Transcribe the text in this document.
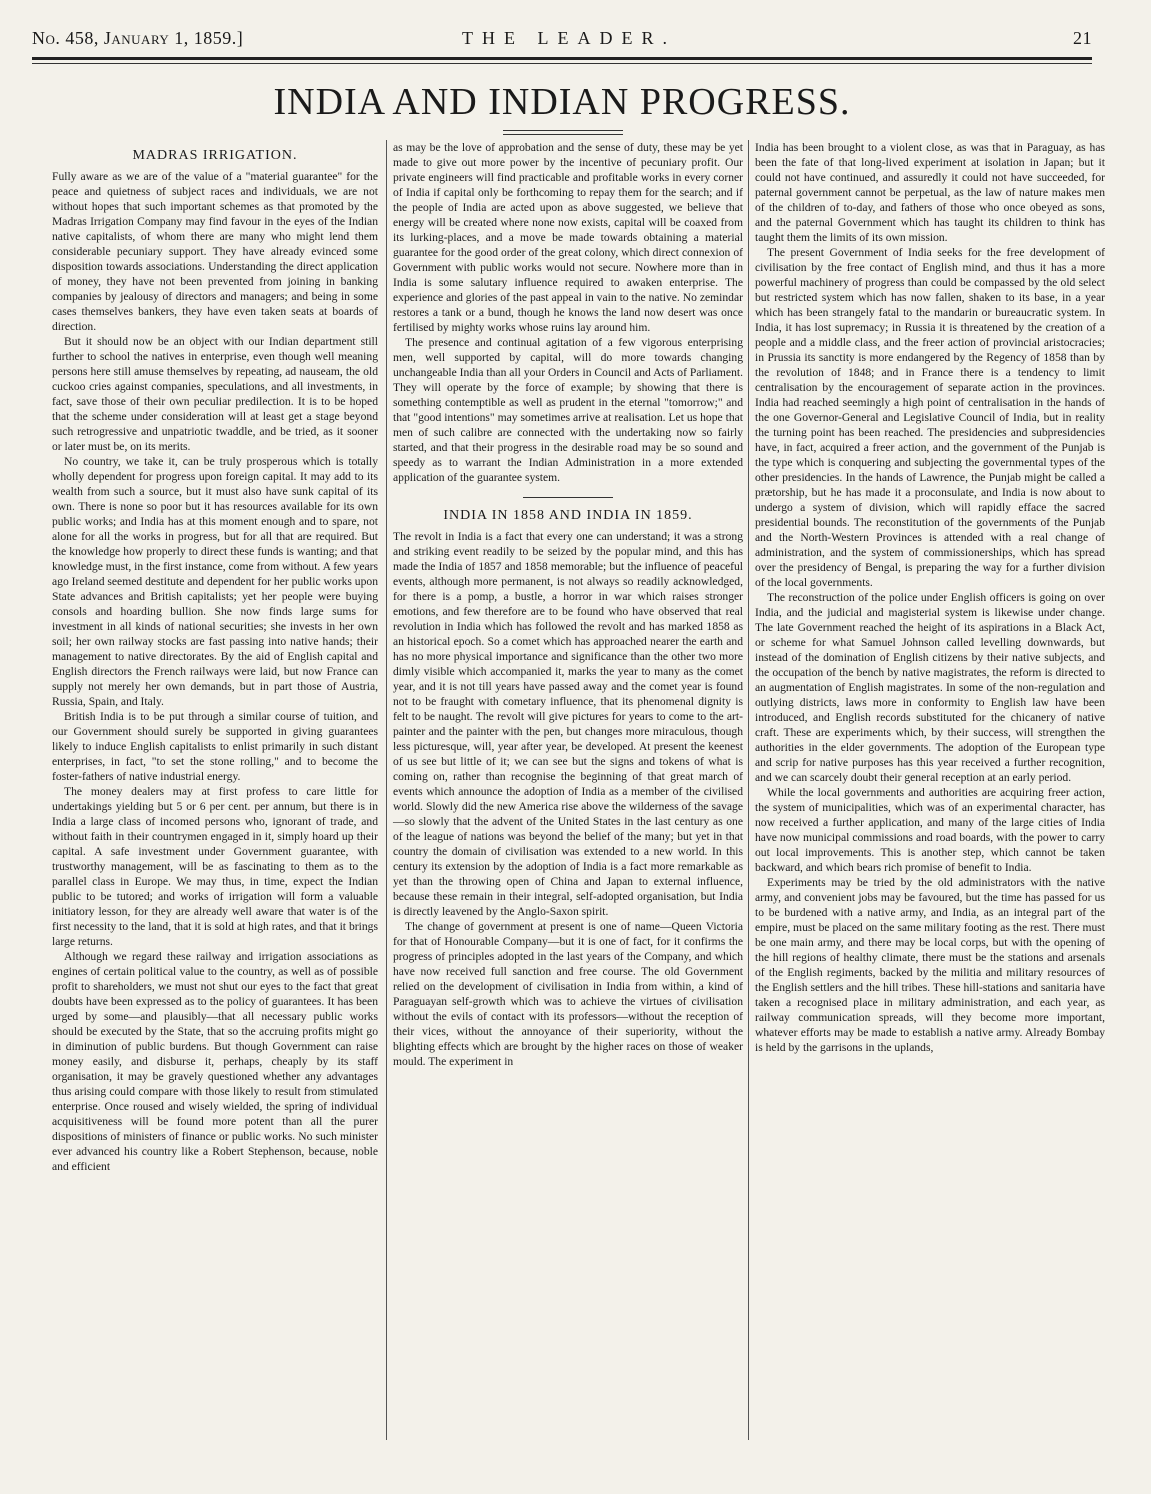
No. 458, January 1, 1859.]	THE LEADER.	21
INDIA AND INDIAN PROGRESS.
MADRAS IRRIGATION.

Fully aware as we are of the value of a "material guarantee" for the peace and quietness of subject races and individuals, we are not without hopes that such important schemes as that promoted by the Madras Irrigation Company may find favour in the eyes of the Indian native capitalists, of whom there are many who might lend them considerable pecuniary support. They have already evinced some disposition towards associations. Understanding the direct application of money, they have not been prevented from joining in banking companies by jealousy of directors and managers; and being in some cases themselves bankers, they have even taken seats at boards of direction.

But it should now be an object with our Indian department still further to school the natives in enterprise, even though well meaning persons here still amuse themselves by repeating, ad nauseam, the old cuckoo cries against companies, speculations, and all investments, in fact, save those of their own peculiar predilection. It is to be hoped that the scheme under consideration will at least get a stage beyond such retrogressive and unpatriotic twaddle, and be tried, as it sooner or later must be, on its merits.

No country, we take it, can be truly prosperous which is totally wholly dependent for progress upon foreign capital. It may add to its wealth from such a source, but it must also have sunk capital of its own. There is none so poor but it has resources available for its own public works; and India has at this moment enough and to spare, not alone for all the works in progress, but for all that are required. But the knowledge how properly to direct these funds is wanting; and that knowledge must, in the first instance, come from without. A few years ago Ireland seemed destitute and dependent for her public works upon State advances and British capitalists; yet her people were buying consols and hoarding bullion. She now finds large sums for investment in all kinds of national securities; she invests in her own soil; her own railway stocks are fast passing into native hands; their management to native directorates. By the aid of English capital and English directors the French railways were laid, but now France can supply not merely her own demands, but in part those of Austria, Russia, Spain, and Italy.

British India is to be put through a similar course of tuition, and our Government should surely be supported in giving guarantees likely to induce English capitalists to enlist primarily in such distant enterprises, in fact, "to set the stone rolling," and to become the foster-fathers of native industrial energy.

The money dealers may at first profess to care little for undertakings yielding but 5 or 6 per cent. per annum, but there is in India a large class of incomed persons who, ignorant of trade, and without faith in their countrymen engaged in it, simply hoard up their capital. A safe investment under Government guarantee, with trustworthy management, will be as fascinating to them as to the parallel class in Europe. We may thus, in time, expect the Indian public to be tutored; and works of irrigation will form a valuable initiatory lesson, for they are already well aware that water is of the first necessity to the land, that it is sold at high rates, and that it brings large returns.

Although we regard these railway and irrigation associations as engines of certain political value to the country, as well as of possible profit to shareholders, we must not shut our eyes to the fact that great doubts have been expressed as to the policy of guarantees. It has been urged by some—and plausibly—that all necessary public works should be executed by the State, that so the accruing profits might go in diminution of public burdens. But though Government can raise money easily, and disburse it, perhaps, cheaply by its staff organisation, it may be gravely questioned whether any advantages thus arising could compare with those likely to result from stimulated enterprise. Once roused and wisely wielded, the spring of individual acquisitiveness will be found more potent than all the purer dispositions of ministers of finance or public works. No such minister ever advanced his country like a Robert Stephenson, because, noble and efficient

as may be the love of approbation and the sense of duty, these may be yet made to give out more power by the incentive of pecuniary profit. Our private engineers will find practicable and profitable works in every corner of India if capital only be forthcoming to repay them for the search; and if the people of India are acted upon as above suggested, we believe that energy will be created where none now exists, capital will be coaxed from its lurking-places, and a move be made towards obtaining a material guarantee for the good order of the great colony, which direct connexion of Government with public works would not secure. Nowhere more than in India is some salutary influence required to awaken enterprise. The experience and glories of the past appeal in vain to the native. No zemindar restores a tank or a bund, though he knows the land now desert was once fertilised by mighty works whose ruins lay around him.

The presence and continual agitation of a few vigorous enterprising men, well supported by capital, will do more towards changing unchangeable India than all your Orders in Council and Acts of Parliament. They will operate by the force of example; by showing that there is something contemptible as well as prudent in the eternal "tomorrow;" and that "good intentions" may sometimes arrive at realisation. Let us hope that men of such calibre are connected with the undertaking now so fairly started, and that their progress in the desirable road may be so sound and speedy as to warrant the Indian Administration in a more extended application of the guarantee system.

INDIA IN 1858 AND INDIA IN 1859.

The revolt in India is a fact that every one can understand; it was a strong and striking event readily to be seized by the popular mind, and this has made the India of 1857 and 1858 memorable; but the influence of peaceful events, although more permanent, is not always so readily acknowledged, for there is a pomp, a bustle, a horror in war which raises stronger emotions, and few therefore are to be found who have observed that real revolution in India which has followed the revolt and has marked 1858 as an historical epoch. So a comet which has approached nearer the earth and has no more physical importance and significance than the other two more dimly visible which accompanied it, marks the year to many as the comet year, and it is not till years have passed away and the comet year is found not to be fraught with cometary influence, that its phenomenal dignity is felt to be naught. The revolt will give pictures for years to come to the art-painter and the painter with the pen, but changes more miraculous, though less picturesque, will, year after year, be developed. At present the keenest of us see but little of it; we can see but the signs and tokens of what is coming on, rather than recognise the beginning of that great march of events which announce the adoption of India as a member of the civilised world. Slowly did the new America rise above the wilderness of the savage—so slowly that the advent of the United States in the last century as one of the league of nations was beyond the belief of the many; but yet in that country the domain of civilisation was extended to a new world. In this century its extension by the adoption of India is a fact more remarkable as yet than the throwing open of China and Japan to external influence, because these remain in their integral, self-adopted organisation, but India is directly leavened by the Anglo-Saxon spirit.

The change of government at present is one of name—Queen Victoria for that of Honourable Company—but it is one of fact, for it confirms the progress of principles adopted in the last years of the Company, and which have now received full sanction and free course. The old Government relied on the development of civilisation in India from within, a kind of Paraguayan self-growth which was to achieve the virtues of civilisation without the evils of contact with its professors—without the reception of their vices, without the annoyance of their superiority, without the blighting effects which are brought by the higher races on those of weaker mould. The experiment in

India has been brought to a violent close, as was that in Paraguay, as has been the fate of that long-lived experiment at isolation in Japan; but it could not have continued, and assuredly it could not have succeeded, for paternal government cannot be perpetual, as the law of nature makes men of the children of to-day, and fathers of those who once obeyed as sons, and the paternal Government which has taught its children to think has taught them the limits of its own mission.

The present Government of India seeks for the free development of civilisation by the free contact of English mind, and thus it has a more powerful machinery of progress than could be compassed by the old select but restricted system which has now fallen, shaken to its base, in a year which has been strangely fatal to the mandarin or bureaucratic system. In India, it has lost supremacy; in Russia it is threatened by the creation of a people and a middle class, and the freer action of provincial aristocracies; in Prussia its sanctity is more endangered by the Regency of 1858 than by the revolution of 1848; and in France there is a tendency to limit centralisation by the encouragement of separate action in the provinces. India had reached seemingly a high point of centralisation in the hands of the one Governor-General and Legislative Council of India, but in reality the turning point has been reached. The presidencies and subpresidencies have, in fact, acquired a freer action, and the government of the Punjab is the type which is conquering and subjecting the governmental types of the other presidencies. In the hands of Lawrence, the Punjab might be called a prætorship, but he has made it a proconsulate, and India is now about to undergo a system of division, which will rapidly efface the sacred presidential bounds. The reconstitution of the governments of the Punjab and the North-Western Provinces is attended with a real change of administration, and the system of commissionerships, which has spread over the presidency of Bengal, is preparing the way for a further division of the local governments.

The reconstruction of the police under English officers is going on over India, and the judicial and magisterial system is likewise under change. The late Government reached the height of its aspirations in a Black Act, or scheme for what Samuel Johnson called levelling downwards, but instead of the domination of English citizens by their native subjects, and the occupation of the bench by native magistrates, the reform is directed to an augmentation of English magistrates. In some of the non-regulation and outlying districts, laws more in conformity to English law have been introduced, and English records substituted for the chicanery of native craft. These are experiments which, by their success, will strengthen the authorities in the elder governments. The adoption of the European type and scrip for native purposes has this year received a further recognition, and we can scarcely doubt their general reception at an early period.

While the local governments and authorities are acquiring freer action, the system of municipalities, which was of an experimental character, has now received a further application, and many of the large cities of India have now municipal commissions and road boards, with the power to carry out local improvements. This is another step, which cannot be taken backward, and which bears rich promise of benefit to India.

Experiments may be tried by the old administrators with the native army, and convenient jobs may be favoured, but the time has passed for us to be burdened with a native army, and India, as an integral part of the empire, must be placed on the same military footing as the rest. There must be one main army, and there may be local corps, but with the opening of the hill regions of healthy climate, there must be the stations and arsenals of the English regiments, backed by the militia and military resources of the English settlers and the hill tribes. These hill-stations and sanitaria have taken a recognised place in military administration, and each year, as railway communication spreads, will they become more important, whatever efforts may be made to establish a native army. Already Bombay is held by the garrisons in the uplands,
